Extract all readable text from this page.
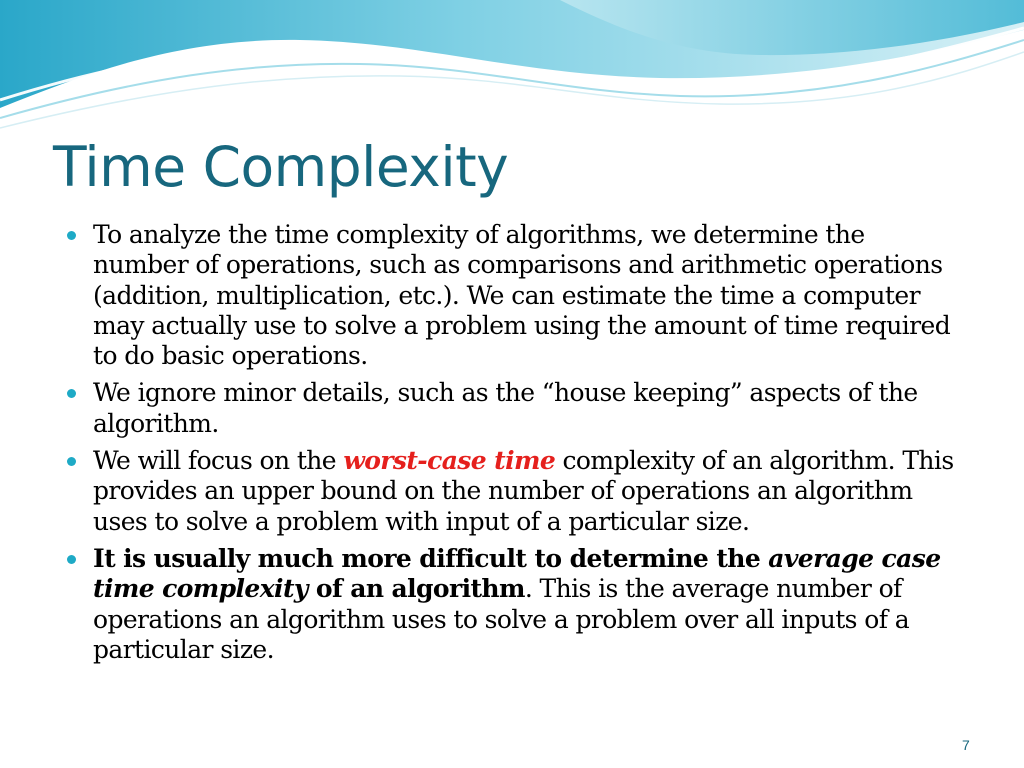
Time Complexity
To analyze the time complexity of algorithms, we determine the number of operations, such as comparisons and arithmetic operations (addition, multiplication, etc.). We can estimate the time a computer may actually use to solve a problem using the amount of time required to do basic operations.
We ignore minor details, such as the “house keeping” aspects of the algorithm.
We will focus on the worst-case time complexity of an algorithm. This provides an upper bound on the number of operations an algorithm uses to solve a problem with input of a particular size.
It is usually much more difficult to determine the average case time complexity of an algorithm. This is the average number of operations an algorithm uses to solve a problem over all inputs of a particular size.
7
